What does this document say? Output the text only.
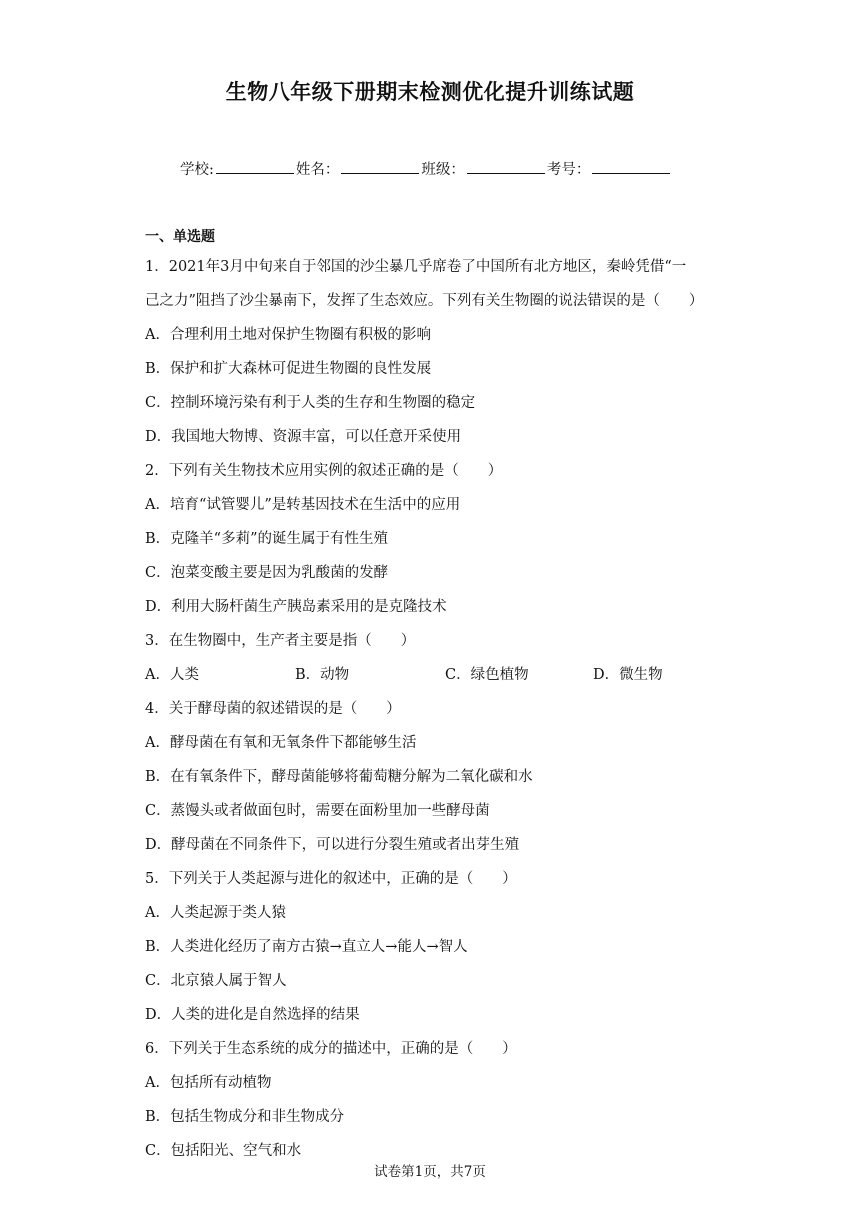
生物八年级下册期末检测优化提升训练试题
学校:	姓名：	班级：	考号：
一、单选题
1．2021年3月中旬来自于邻国的沙尘暴几乎席卷了中国所有北方地区，秦岭凭借“一
己之力”阻挡了沙尘暴南下，发挥了生态效应。下列有关生物圈的说法错误的是（　　）
A．合理利用土地对保护生物圈有积极的影响
B．保护和扩大森林可促进生物圈的良性发展
C．控制环境污染有利于人类的生存和生物圈的稳定
D．我国地大物博、资源丰富，可以任意开采使用
2．下列有关生物技术应用实例的叙述正确的是（　　）
A．培育“试管婴儿”是转基因技术在生活中的应用
B．克隆羊“多莉”的诞生属于有性生殖
C．泡菜变酸主要是因为乳酸菌的发酵
D．利用大肠杆菌生产胰岛素采用的是克隆技术
3．在生物圈中，生产者主要是指（　　）
A．人类	B．动物	C．绿色植物	D．微生物
4．关于酵母菌的叙述错误的是（　　）
A．酵母菌在有氧和无氧条件下都能够生活
B．在有氧条件下，酵母菌能够将葡萄糖分解为二氧化碳和水
C．蒸馒头或者做面包时，需要在面粉里加一些酵母菌
D．酵母菌在不同条件下，可以进行分裂生殖或者出芽生殖
5．下列关于人类起源与进化的叙述中，正确的是（　　）
A．人类起源于类人猿
B．人类进化经历了南方古猿→直立人→能人→智人
C．北京猿人属于智人
D．人类的进化是自然选择的结果
6．下列关于生态系统的成分的描述中，正确的是（　　）
A．包括所有动植物
B．包括生物成分和非生物成分
C．包括阳光、空气和水
试卷第1页，共7页
